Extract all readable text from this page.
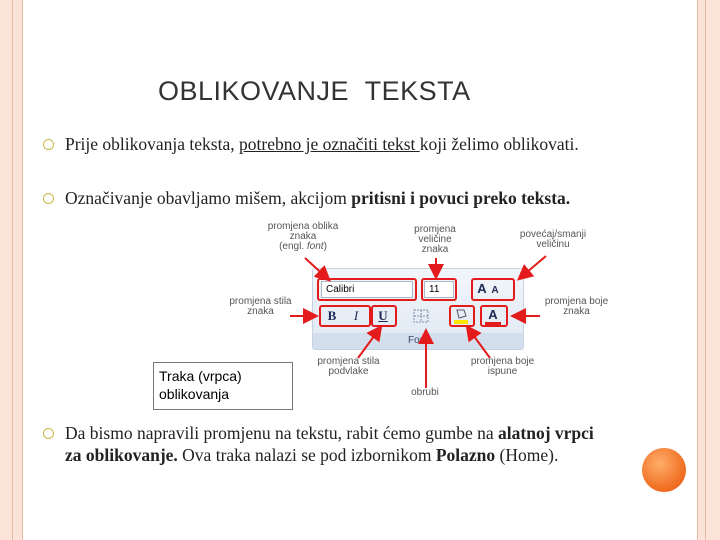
OBLIKOVANJE  TEKSTA
Prije oblikovanja teksta, potrebno je označiti tekst koji želimo oblikovati.
Označivanje obavljamo mišem, akcijom pritisni i povuci preko teksta.
Da bismo napravili promjenu na tekstu, rabit ćemo gumbe na alatnoj vrpci za oblikovanje. Ova traka nalazi se pod izbornikom Polazno (Home).
promjena oblika
znaka
(engl. font)
promjena
veličine
znaka
povećaj/smanji
veličinu
promjena stila
znaka
promjena boje
znaka
promjena stila
podvlake
obrubi
promjena boje
ispune
Calibri	11	A A
B	I	U	A
Font
Traka (vrpca)
oblikovanja
